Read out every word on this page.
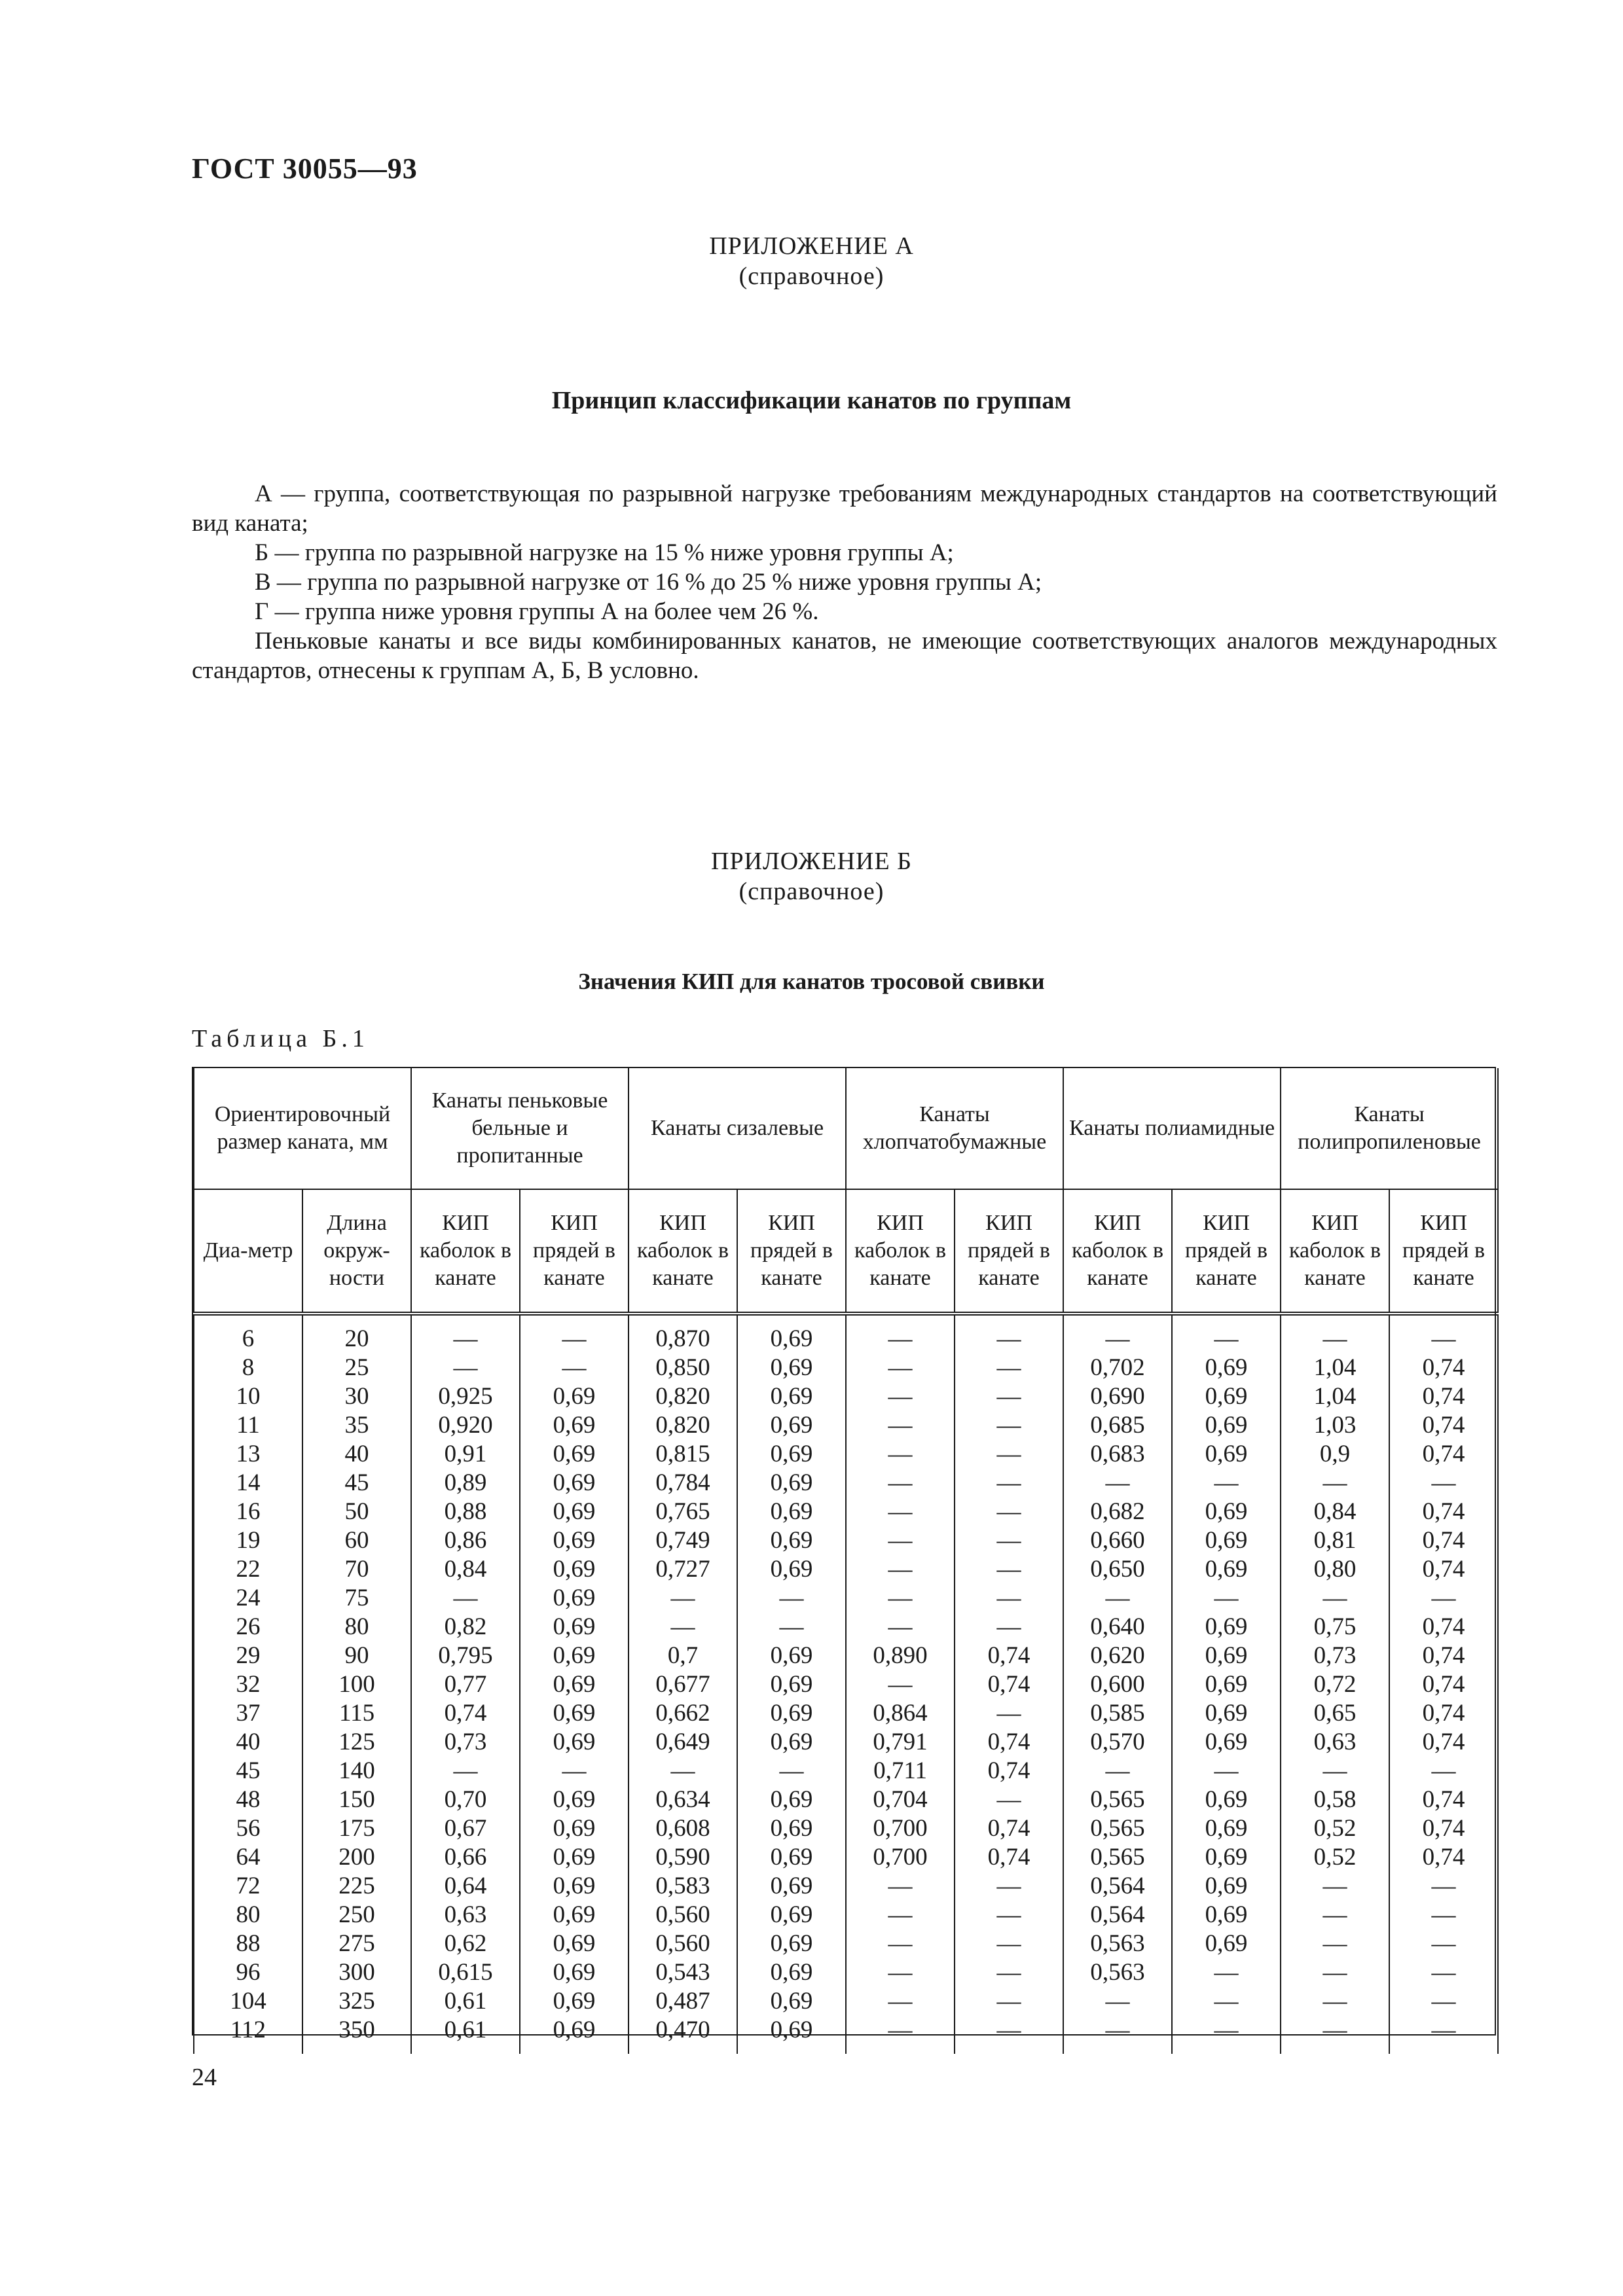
ГОСТ 30055—93
ПРИЛОЖЕНИЕ А
(справочное)
Принцип классификации канатов по группам

А — группа, соответствующая по разрывной нагрузке требованиям международных стандартов на соответствующий вид каната;

Б — группа по разрывной нагрузке на 15 % ниже уровня группы А;

В — группа по разрывной нагрузке от 16 % до 25 % ниже уровня группы А;

Г — группа ниже уровня группы А на более чем 26 %.

Пеньковые канаты и все виды комбинированных канатов, не имеющие соответствующих аналогов международных стандартов, отнесены к группам А, Б, В условно.

ПРИЛОЖЕНИЕ Б
(справочное)
Значения КИП для канатов тросовой свивки
Таблица Б.1
Ориентировочный размер каната, мм		Канаты пеньковые бельные и пропитанные		Канаты сизалевые		Канаты хлопчатобумажные		Канаты полиамидные		Канаты полипропиленовые	
Диа-метр	Длина окруж-ности	КИП каболок в канате	КИП прядей в канате	КИП каболок в канате	КИП прядей в канате	КИП каболок в канате	КИП прядей в канате	КИП каболок в канате	КИП прядей в канате	КИП каболок в канате	КИП прядей в канате

6	20	—	—	0,870	0,69	—	—	—	—	—	—
8	25	—	—	0,850	0,69	—	—	0,702	0,69	1,04	0,74
10	30	0,925	0,69	0,820	0,69	—	—	0,690	0,69	1,04	0,74
11	35	0,920	0,69	0,820	0,69	—	—	0,685	0,69	1,03	0,74
13	40	0,91	0,69	0,815	0,69	—	—	0,683	0,69	0,9	0,74
14	45	0,89	0,69	0,784	0,69	—	—	—	—	—	—
16	50	0,88	0,69	0,765	0,69	—	—	0,682	0,69	0,84	0,74
19	60	0,86	0,69	0,749	0,69	—	—	0,660	0,69	0,81	0,74
22	70	0,84	0,69	0,727	0,69	—	—	0,650	0,69	0,80	0,74
24	75	—	0,69	—	—	—	—	—	—	—	—
26	80	0,82	0,69	—	—	—	—	0,640	0,69	0,75	0,74
29	90	0,795	0,69	0,7	0,69	0,890	0,74	0,620	0,69	0,73	0,74
32	100	0,77	0,69	0,677	0,69	—	0,74	0,600	0,69	0,72	0,74
37	115	0,74	0,69	0,662	0,69	0,864	—	0,585	0,69	0,65	0,74
40	125	0,73	0,69	0,649	0,69	0,791	0,74	0,570	0,69	0,63	0,74
45	140	—	—	—	—	0,711	0,74	—	—	—	—
48	150	0,70	0,69	0,634	0,69	0,704	—	0,565	0,69	0,58	0,74
56	175	0,67	0,69	0,608	0,69	0,700	0,74	0,565	0,69	0,52	0,74
64	200	0,66	0,69	0,590	0,69	0,700	0,74	0,565	0,69	0,52	0,74
72	225	0,64	0,69	0,583	0,69	—	—	0,564	0,69	—	—
80	250	0,63	0,69	0,560	0,69	—	—	0,564	0,69	—	—
88	275	0,62	0,69	0,560	0,69	—	—	0,563	0,69	—	—
96	300	0,615	0,69	0,543	0,69	—	—	0,563	—	—	—
104	325	0,61	0,69	0,487	0,69	—	—	—	—	—	—
112	350	0,61	0,69	0,470	0,69	—	—	—	—	—	—

24
